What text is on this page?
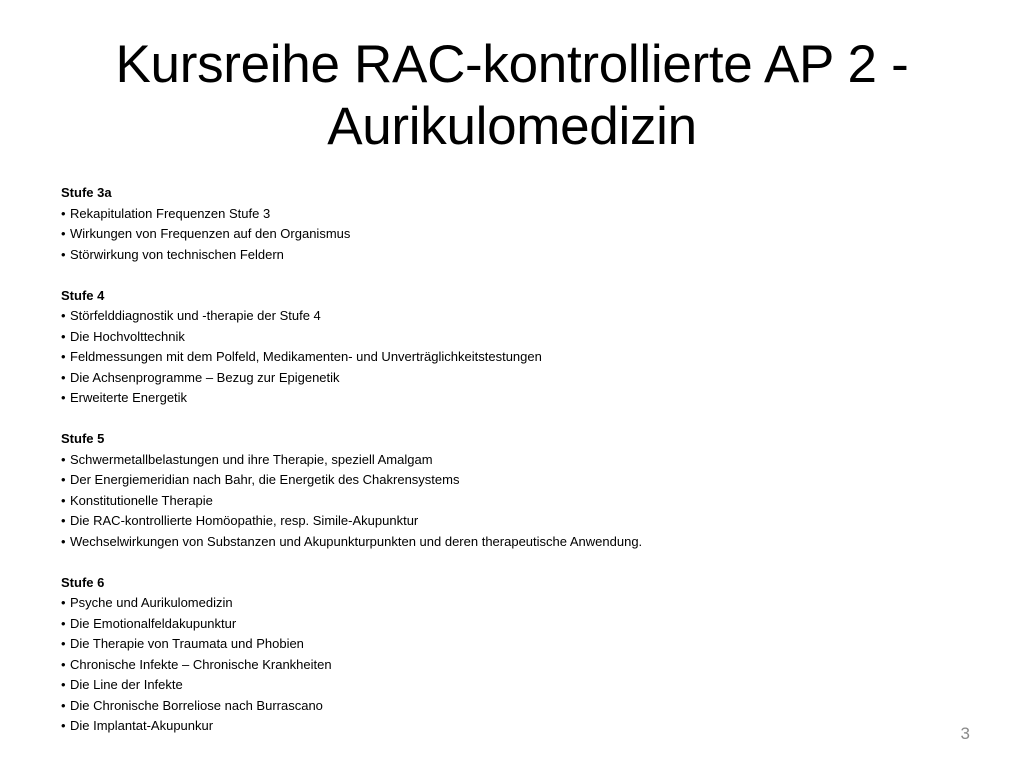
Kursreihe RAC-kontrollierte AP 2 - Aurikulomedizin
Stufe 3a
• Rekapitulation Frequenzen Stufe 3
• Wirkungen von Frequenzen auf den Organismus
• Störwirkung von technischen Feldern
Stufe 4
• Störfelddiagnostik und -therapie der Stufe 4
• Die Hochvolttechnik
• Feldmessungen mit dem Polfeld, Medikamenten- und Unverträglichkeitstestungen
• Die Achsenprogramme – Bezug zur Epigenetik
• Erweiterte Energetik
Stufe 5
• Schwermetallbelastungen und ihre Therapie, speziell Amalgam
• Der Energiemeridian nach Bahr, die Energetik des Chakrensystems
• Konstitutionelle Therapie
• Die RAC-kontrollierte Homöopathie, resp. Simile-Akupunktur
• Wechselwirkungen von Substanzen und Akupunkturpunkten und deren therapeutische Anwendung.
Stufe 6
• Psyche und Aurikulomedizin
• Die Emotionalfeldakupunktur
• Die Therapie von Traumata und Phobien
• Chronische Infekte – Chronische Krankheiten
• Die Line der Infekte
• Die Chronische Borreliose nach Burrascano
• Die Implantat-Akupunkur	3
